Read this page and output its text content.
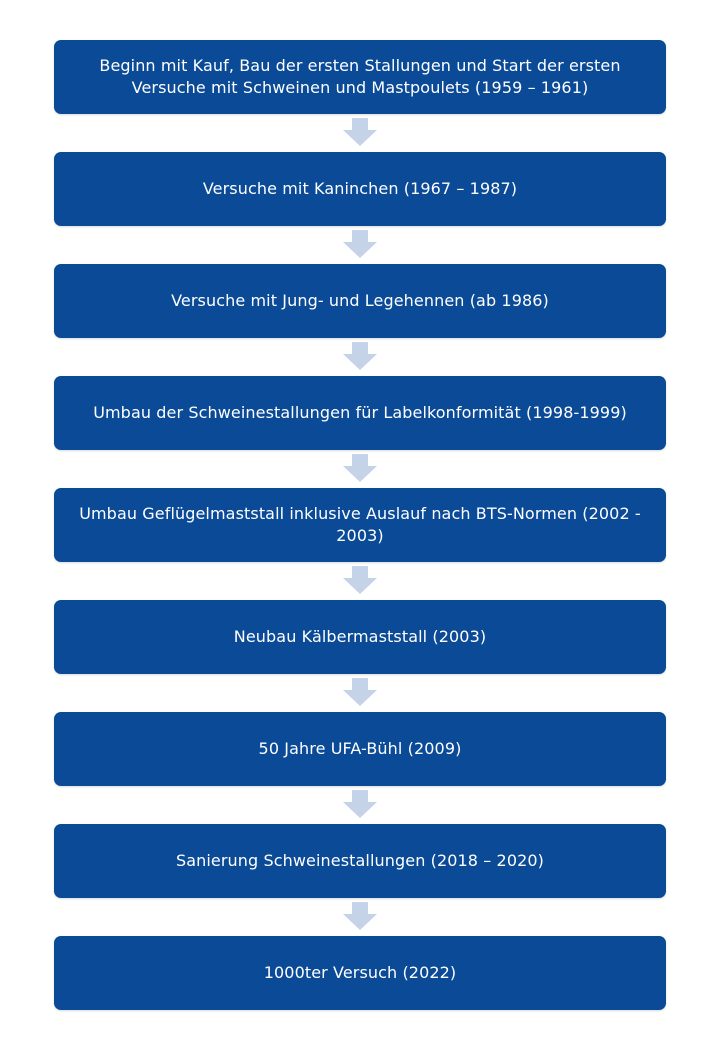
Beginn mit Kauf, Bau der ersten Stallungen und Start der ersten Versuche mit Schweinen und Mastpoulets (1959 – 1961)
Versuche mit Kaninchen (1967 – 1987)
Versuche mit Jung- und Legehennen (ab 1986)
Umbau der Schweinestallungen für Labelkonformität (1998-1999)
Umbau Geflügelmaststall inklusive Auslauf nach BTS-Normen (2002 - 2003)
Neubau Kälbermaststall (2003)
50 Jahre UFA-Bühl (2009)
Sanierung Schweinestallungen (2018 – 2020)
1000ter Versuch (2022)
